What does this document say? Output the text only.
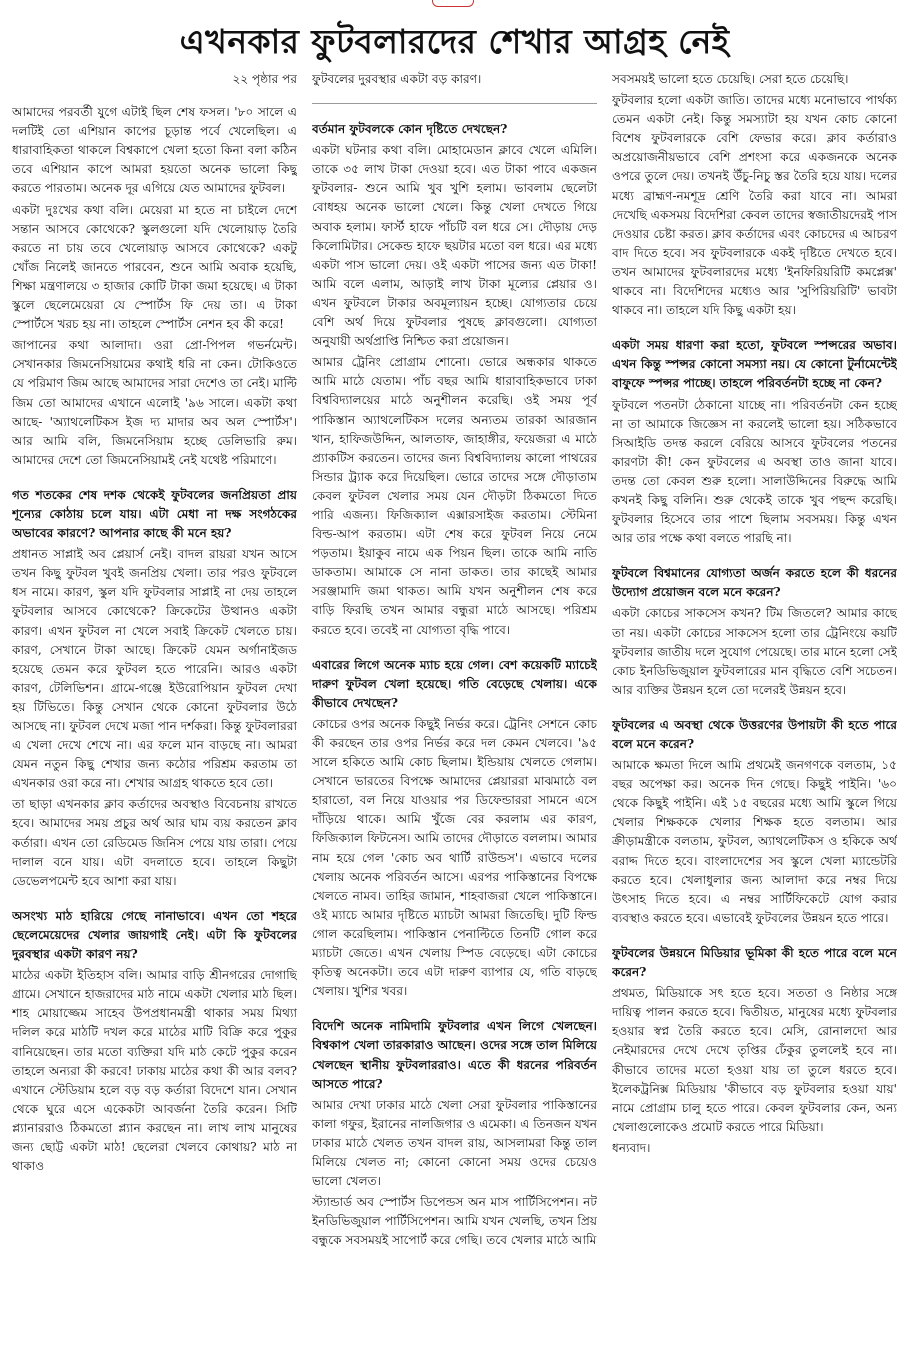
এখনকার ফুটবলারদের শেখার আগ্রহ নেই

২২ পৃষ্ঠার পর

আমাদের পরবর্তী যুগে এটাই ছিল শেষ ফসল। '৮০ সালে এ দলটিই তো এশিয়ান কাপের চূড়ান্ত পর্বে খেলেছিল। এ ধারাবাহিকতা থাকলে বিশ্বকাপে খেলা হতো কিনা বলা কঠিন তবে এশিয়ান কাপে আমরা হয়তো অনেক ভালো কিছু করতে পারতাম। অনেক দূর এগিয়ে যেত আমাদের ফুটবল।

একটা দুঃখের কথা বলি। মেয়েরা মা হতে না চাইলে দেশে সন্তান আসবে কোথেকে? স্কুলগুলো যদি খেলোয়াড় তৈরি করতে না চায় তবে খেলোয়াড় আসবে কোথেকে? একটু খোঁজ নিলেই জানতে পারবেন, শুনে আমি অবাক হয়েছি, শিক্ষা মন্ত্রণালয়ে ৩ হাজার কোটি টাকা জমা হয়েছে। এ টাকা স্কুলে ছেলেমেয়েরা যে স্পোর্টস ফি দেয় তা। এ টাকা স্পোর্টসে খরচ হয় না। তাহলে স্পোর্টস নেশন হব কী করে!

জাপানের কথা আলাদা। ওরা প্রো-পিপল গভর্নমেন্ট। সেখানকার জিমনেসিয়ামের কথাই ধরি না কেন। টোকিওতে যে পরিমাণ জিম আছে আমাদের সারা দেশেও তা নেই। মাল্টি জিম তো আমাদের এখানে এলোই '৯৬ সালে। একটা কথা আছে- 'অ্যাথলেটিকস ইজ দ্য মাদার অব অল স্পোর্টস'। আর আমি বলি, জিমনেসিয়াম হচ্ছে ডেলিভারি রুম। আমাদের দেশে তো জিমনেসিয়ামই নেই যথেষ্ট পরিমাণে।

গত শতকের শেষ দশক থেকেই ফুটবলের জনপ্রিয়তা প্রায় শূন্যের কোঠায় চলে যায়। এটা মেধা না দক্ষ সংগঠকের অভাবের কারণে? আপনার কাছে কী মনে হয়?

প্রধানত সাপ্লাই অব প্লেয়ার্স নেই। বাদল রায়রা যখন আসে তখন কিছু ফুটবল খুবই জনপ্রিয় খেলা। তার পরও ফুটবলে ধস নামে। কারণ, স্কুল যদি ফুটবলার সাপ্লাই না দেয় তাহলে ফুটবলার আসবে কোথেকে? ক্রিকেটের উত্থানও একটা কারণ। এখন ফুটবল না খেলে সবাই ক্রিকেট খেলতে চায়। কারণ, সেখানে টাকা আছে। ক্রিকেট যেমন অর্গানাইজড হয়েছে তেমন করে ফুটবল হতে পারেনি। আরও একটা কারণ, টেলিভিশন। গ্রামে-গঞ্জে ইউরোপিয়ান ফুটবল দেখা হয় টিভিতে। কিন্তু সেখান থেকে কোনো ফুটবলার উঠে আসছে না। ফুটবল দেখে মজা পান দর্শকরা। কিন্তু ফুটবলাররা এ খেলা দেখে শেখে না। এর ফলে মান বাড়ছে না। আমরা যেমন নতুন কিছু শেখার জন্য কঠোর পরিশ্রম করতাম তা এখনকার ওরা করে না। শেখার আগ্রহ থাকতে হবে তো।

তা ছাড়া এখনকার ক্লাব কর্তাদের অবস্থাও বিবেচনায় রাখতে হবে। আমাদের সময় প্রচুর অর্থ আর ঘাম ব্যয় করতেন ক্লাব কর্তারা। এখন তো রেডিমেড জিনিস পেয়ে যায় তারা। পেয়ে দালাল বনে যায়। এটা বদলাতে হবে। তাহলে কিছুটা ডেভেলপমেন্ট হবে আশা করা যায়।

অসংখ্য মাঠ হারিয়ে গেছে নানাভাবে। এখন তো শহরে ছেলেমেয়েদের খেলার জায়গাই নেই। এটা কি ফুটবলের দুরবস্থার একটা কারণ নয়?

মাঠের একটা ইতিহাস বলি। আমার বাড়ি শ্রীনগরের দোগাছি গ্রামে। সেখানে হাজরাদের মাঠ নামে একটা খেলার মাঠ ছিল। শাহ মোয়াজ্জেম সাহেব উপপ্রধানমন্ত্রী থাকার সময় মিথ্যা দলিল করে মাঠটি দখল করে মাঠের মাটি বিক্রি করে পুকুর বানিয়েছেন। তার মতো ব্যক্তিরা যদি মাঠ কেটে পুকুর করেন তাহলে অন্যরা কী করবে! ঢাকায় মাঠের কথা কী আর বলব? এখানে স্টেডিয়াম হলে বড় বড় কর্তারা বিদেশে যান। সেখান থেকে ঘুরে এসে একেকটা আবর্জনা তৈরি করেন। সিটি প্ল্যানাররাও ঠিকমতো প্ল্যান করছেন না। লাখ লাখ মানুষের জন্য ছোট্ট একটা মাঠ! ছেলেরা খেলবে কোথায়? মাঠ না থাকাও

ফুটবলের দুরবস্থার একটা বড় কারণ।

বর্তমান ফুটবলকে কোন দৃষ্টিতে দেখছেন?

একটা ঘটনার কথা বলি। মোহামেডান ক্লাবে খেলে এমিলি। তাকে ৩৫ লাখ টাকা দেওয়া হবে। এত টাকা পাবে একজন ফুটবলার- শুনে আমি খুব খুশি হলাম। ভাবলাম ছেলেটা বোধহয় অনেক ভালো খেলে। কিন্তু খেলা দেখতে গিয়ে অবাক হলাম। ফার্স্ট হাফে পাঁচটি বল ধরে সে। দৌড়ায় দেড় কিলোমিটার। সেকেন্ড হাফে ছয়টার মতো বল ধরে। এর মধ্যে একটা পাস ভালো দেয়। ওই একটা পাসের জন্য এত টাকা! আমি বলে এলাম, আড়াই লাখ টাকা মূল্যের প্লেয়ার ও। এখন ফুটবলে টাকার অবমূল্যায়ন হচ্ছে। যোগ্যতার চেয়ে বেশি অর্থ দিয়ে ফুটবলার পুষছে ক্লাবগুলো। যোগ্যতা অনুযায়ী অর্থপ্রাপ্তি নিশ্চিত করা প্রয়োজন।

আমার ট্রেনিং প্রোগ্রাম শোনো। ভোরে অন্ধকার থাকতে আমি মাঠে যেতাম। পাঁচ বছর আমি ধারাবাহিকভাবে ঢাকা বিশ্ববিদ্যালয়ের মাঠে অনুশীলন করেছি। ওই সময় পূর্ব পাকিস্তান অ্যাথলেটিকস দলের অন্যতম তারকা আরজান খান, হাফিজউদ্দিন, আলতাফ, জাহাঙ্গীর, ফয়েজরা এ মাঠে প্র্যাকটিস করতেন। তাদের জন্য বিশ্ববিদ্যালয় কালো পাথরের সিন্ডার ট্র্যাক করে দিয়েছিল। ভোরে তাদের সঙ্গে দৌড়াতাম কেবল ফুটবল খেলার সময় যেন দৌড়টা ঠিকমতো দিতে পারি এজন্য। ফিজিক্যাল এক্সারসাইজ করতাম। স্টেমিনা বিল্ড-আপ করতাম। এটা শেষ করে ফুটবল নিয়ে নেমে পড়তাম। ইয়াকুব নামে এক পিয়ন ছিল। তাকে আমি নাতি ডাকতাম। আমাকে সে নানা ডাকত। তার কাছেই আমার সরঞ্জামাদি জমা থাকত। আমি যখন অনুশীলন শেষ করে বাড়ি ফিরছি তখন আমার বন্ধুরা মাঠে আসছে। পরিশ্রম করতে হবে। তবেই না যোগ্যতা বৃদ্ধি পাবে।

এবারের লিগে অনেক ম্যাচ হয়ে গেল। বেশ কয়েকটি ম্যাচেই দারুণ ফুটবল খেলা হয়েছে। গতি বেড়েছে খেলায়। একে কীভাবে দেখছেন?

কোচের ওপর অনেক কিছুই নির্ভর করে। ট্রেনিং সেশনে কোচ কী করছেন তার ওপর নির্ভর করে দল কেমন খেলবে। '৯৫ সালে হকিতে আমি কোচ ছিলাম। ইন্ডিয়ায় খেলতে গেলাম। সেখানে ভারতের বিপক্ষে আমাদের প্লেয়াররা মাঝমাঠে বল হারাতো, বল নিয়ে যাওয়ার পর ডিফেন্ডাররা সামনে এসে দাঁড়িয়ে থাকে। আমি খুঁজে বের করলাম এর কারণ, ফিজিক্যাল ফিটনেস। আমি তাদের দৌড়াতে বললাম। আমার নাম হয়ে গেল 'কোচ অব থার্টি রাউন্ডস'। এভাবে দলের খেলায় অনেক পরিবর্তন আসে। এরপর পাকিস্তানের বিপক্ষে খেলতে নামব। তাহির জামান, শাহবাজরা খেলে পাকিস্তানে। ওই ম্যাচে আমার দৃষ্টিতে ম্যাচটা আমরা জিতেছি। দুটি ফিল্ড গোল করেছিলাম। পাকিস্তান পেনাল্টিতে তিনটি গোল করে ম্যাচটা জেতে। এখন খেলায় স্পিড বেড়েছে। এটা কোচের কৃতিত্ব অনেকটা। তবে এটা দারুণ ব্যাপার যে, গতি বাড়ছে খেলায়। খুশির খবর।

বিদেশি অনেক নামিদামি ফুটবলার এখন লিগে খেলছেন। বিশ্বকাপ খেলা তারকারাও আছেন। ওদের সঙ্গে তাল মিলিয়ে খেলছেন স্থানীয় ফুটবলাররাও। এতে কী ধরনের পরিবর্তন আসতে পারে?

আমার দেখা ঢাকার মাঠে খেলা সেরা ফুটবলার পাকিস্তানের কালা গফুর, ইরানের নালজিগার ও এমেকা। এ তিনজন যখন ঢাকার মাঠে খেলত তখন বাদল রায়, আসলামরা কিন্তু তাল মিলিয়ে খেলত না; কোনো কোনো সময় ওদের চেয়েও ভালো খেলত।

স্ট্যান্ডার্ড অব স্পোর্টস ডিপেন্ডস অন মাস পার্টিসিপেশন। নট ইনডিভিজুয়াল পার্টিসিপেশন। আমি যখন খেলছি, তখন প্রিয় বন্ধুকে সবসময়ই সাপোর্ট করে গেছি। তবে খেলার মাঠে আমি

সবসময়ই ভালো হতে চেয়েছি। সেরা হতে চেয়েছি।

ফুটবলার হলো একটা জাতি। তাদের মধ্যে মনোভাবে পার্থক্য তেমন একটা নেই। কিন্তু সমস্যাটা হয় যখন কোচ কোনো বিশেষ ফুটবলারকে বেশি ফেভার করে। ক্লাব কর্তারাও অপ্রয়োজনীয়ভাবে বেশি প্রশংসা করে একজনকে অনেক ওপরে তুলে দেয়। তখনই উঁচু-নিচু স্তর তৈরি হয়ে যায়। দলের মধ্যে ব্রাহ্মণ-নমশূদ্র শ্রেণি তৈরি করা যাবে না। আমরা দেখেছি একসময় বিদেশিরা কেবল তাদের স্বজাতীয়দেরই পাস দেওয়ার চেষ্টা করত। ক্লাব কর্তাদের এবং কোচদের এ আচরণ বাদ দিতে হবে। সব ফুটবলারকে একই দৃষ্টিতে দেখতে হবে। তখন আমাদের ফুটবলারদের মধ্যে 'ইনফিরিয়রিটি কমপ্লেক্স' থাকবে না। বিদেশিদের মধ্যেও আর 'সুপিরিয়রিটি' ভাবটা থাকবে না। তাহলে যদি কিছু একটা হয়।

একটা সময় ধারণা করা হতো, ফুটবলে স্পন্সরের অভাব। এখন কিন্তু স্পন্সর কোনো সমস্যা নয়। যে কোনো টুর্নামেন্টেই বাফুফে স্পন্সর পাচ্ছে। তাহলে পরিবর্তনটা হচ্ছে না কেন?

ফুটবলে পতনটা ঠেকানো যাচ্ছে না। পরিবর্তনটা কেন হচ্ছে না তা আমাকে জিজ্ঞেস না করলেই ভালো হয়। সঠিকভাবে সিআইডি তদন্ত করলে বেরিয়ে আসবে ফুটবলের পতনের কারণটা কী! কেন ফুটবলের এ অবস্থা তাও জানা যাবে। তদন্ত তো কেবল শুরু হলো। সালাউদ্দিনের বিরুদ্ধে আমি কখনই কিছু বলিনি। শুরু থেকেই তাকে খুব পছন্দ করেছি। ফুটবলার হিসেবে তার পাশে ছিলাম সবসময়। কিন্তু এখন আর তার পক্ষে কথা বলতে পারছি না।

ফুটবলে বিশ্বমানের যোগ্যতা অর্জন করতে হলে কী ধরনের উদ্যোগ প্রয়োজন বলে মনে করেন?

একটা কোচের সাকসেস কখন? টিম জিতলে? আমার কাছে তা নয়। একটা কোচের সাকসেস হলো তার ট্রেনিংয়ে কয়টি ফুটবলার জাতীয় দলে সুযোগ পেয়েছে। তার মানে হলো সেই কোচ ইনডিভিজুয়াল ফুটবলারের মান বৃদ্ধিতে বেশি সচেতন। আর ব্যক্তির উন্নয়ন হলে তো দলেরই উন্নয়ন হবে।

ফুটবলের এ অবস্থা থেকে উত্তরণের উপায়টা কী হতে পারে বলে মনে করেন?

আমাকে ক্ষমতা দিলে আমি প্রথমেই জনগণকে বলতাম, ১৫ বছর অপেক্ষা কর। অনেক দিন গেছে। কিছুই পাইনি। '৬০ থেকে কিছুই পাইনি। এই ১৫ বছরের মধ্যে আমি স্কুলে গিয়ে খেলার শিক্ষককে খেলার শিক্ষক হতে বলতাম। আর ক্রীড়ামন্ত্রীকে বলতাম, ফুটবল, অ্যাথলেটিকস ও হকিকে অর্থ বরাদ্দ দিতে হবে। বাংলাদেশের সব স্কুলে খেলা ম্যান্ডেটরি করতে হবে। খেলাধুলার জন্য আলাদা করে নম্বর দিয়ে উৎসাহ দিতে হবে। এ নম্বর সার্টিফিকেটে যোগ করার ব্যবস্থাও করতে হবে। এভাবেই ফুটবলের উন্নয়ন হতে পারে।

ফুটবলের উন্নয়নে মিডিয়ার ভূমিকা কী হতে পারে বলে মনে করেন?

প্রথমত, মিডিয়াকে সৎ হতে হবে। সততা ও নিষ্ঠার সঙ্গে দায়িত্ব পালন করতে হবে। দ্বিতীয়ত, মানুষের মধ্যে ফুটবলার হওয়ার স্বপ্ন তৈরি করতে হবে। মেসি, রোনালদো আর নেইমারদের দেখে দেখে তৃপ্তির ঢেঁকুর তুললেই হবে না। কীভাবে তাদের মতো হওয়া যায় তা তুলে ধরতে হবে। ইলেকট্রনিক্স মিডিয়ায় 'কীভাবে বড় ফুটবলার হওয়া যায়' নামে প্রোগ্রাম চালু হতে পারে। কেবল ফুটবলার কেন, অন্য খেলাগুলোকেও প্রমোট করতে পারে মিডিয়া।

ধন্যবাদ।
